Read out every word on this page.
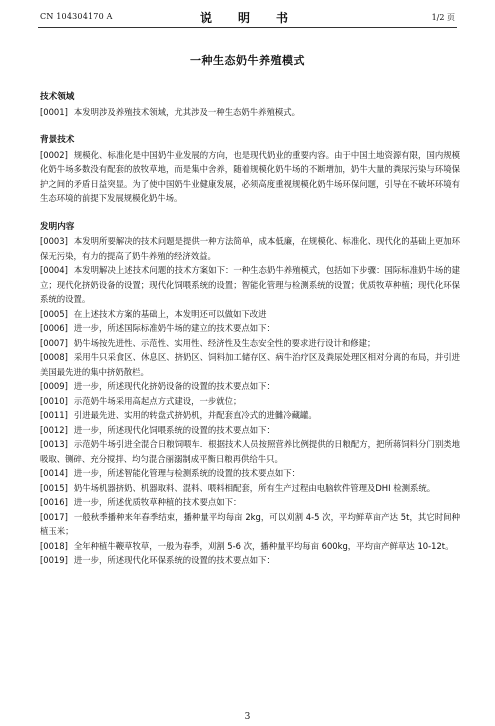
CN 104304170 A	说　明　书	1/2 页
一种生态奶牛养殖模式

技术领域

[0001] 本发明涉及养殖技术领域，尤其涉及一种生态奶牛养殖模式。

背景技术

[0002] 规模化、标准化是中国奶牛业发展的方向，也是现代奶业的重要内容。由于中国土地资源有限，国内规模化奶牛场多数没有配套的放牧草地，而是集中舍养，随着规模化奶牛场的不断增加，奶牛大量的粪尿污染与环境保护之间的矛盾日益突显。为了使中国奶牛业健康发展，必须高度重视规模化奶牛场环保问题，引导在不破坏环境有生态环境的前提下发展规模化奶牛场。

发明内容

[0003] 本发明所要解决的技术问题是提供一种方法简单，成本低廉，在规模化、标准化、现代化的基础上更加环保无污染，有力的提高了奶牛养殖的经济效益。

[0004] 本发明解决上述技术问题的技术方案如下：一种生态奶牛养殖模式，包括如下步骤：国际标准奶牛场的建立；现代化挤奶设备的设置；现代化饲喂系统的设置；智能化管理与检测系统的设置；优质牧草种植；现代化环保系统的设置。

[0005] 在上述技术方案的基础上，本发明还可以做如下改进

[0006] 进一步，所述国际标准奶牛场的建立的技术要点如下：

[0007] 奶牛场按先进性、示范性、实用性、经济性及生态安全性的要求进行设计和修建；

[0008] 采用牛只采食区、休息区、挤奶区、饲料加工储存区、病牛治疗区及粪尿处理区相对分离的布局，并引进美国最先进的集中挤奶散栏。

[0009] 进一步，所述现代化挤奶设备的设置的技术要点如下：

[0010] 示范奶牛场采用高起点方式建设，一步就位；

[0011] 引进最先进、实用的转盘式挤奶机，并配套直冷式的进雠冷藏罐。

[0012] 进一步，所述现代化饲喂系统的设置的技术要点如下：

[0013] 示范奶牛场引进全混合日粮饲喂车．根据技术人员按照营养比例提供的日粮配方，把所蒋饲料分门别类地吸取、铡碎、充分搅拌、均匀混合丽溺制成平衡日粮再供给牛只。

[0014] 进一步，所述智能化管理与检测系统的设置的技术要点如下：

[0015] 奶牛场机器挤奶、机器取料、混料、喂料相配套，所有生产过程由电脑软件管理及DHI 检测系统。

[0016] 进一步，所述优质牧草种植的技术要点如下：

[0017] 一般秋季播种来年春季结束，播种量平均每亩 2kg，可以刈割 4-5 次，平均鲜草亩产达 5t，其它时间种植玉米；

[0018] 全年种植牛鞭草牧草，一般为春季，刈割 5-6 次，播种量平均每亩 600kg，平均亩产鲜草达 10-12t。

[0019] 进一步，所述现代化环保系统的设置的技术要点如下：

3
